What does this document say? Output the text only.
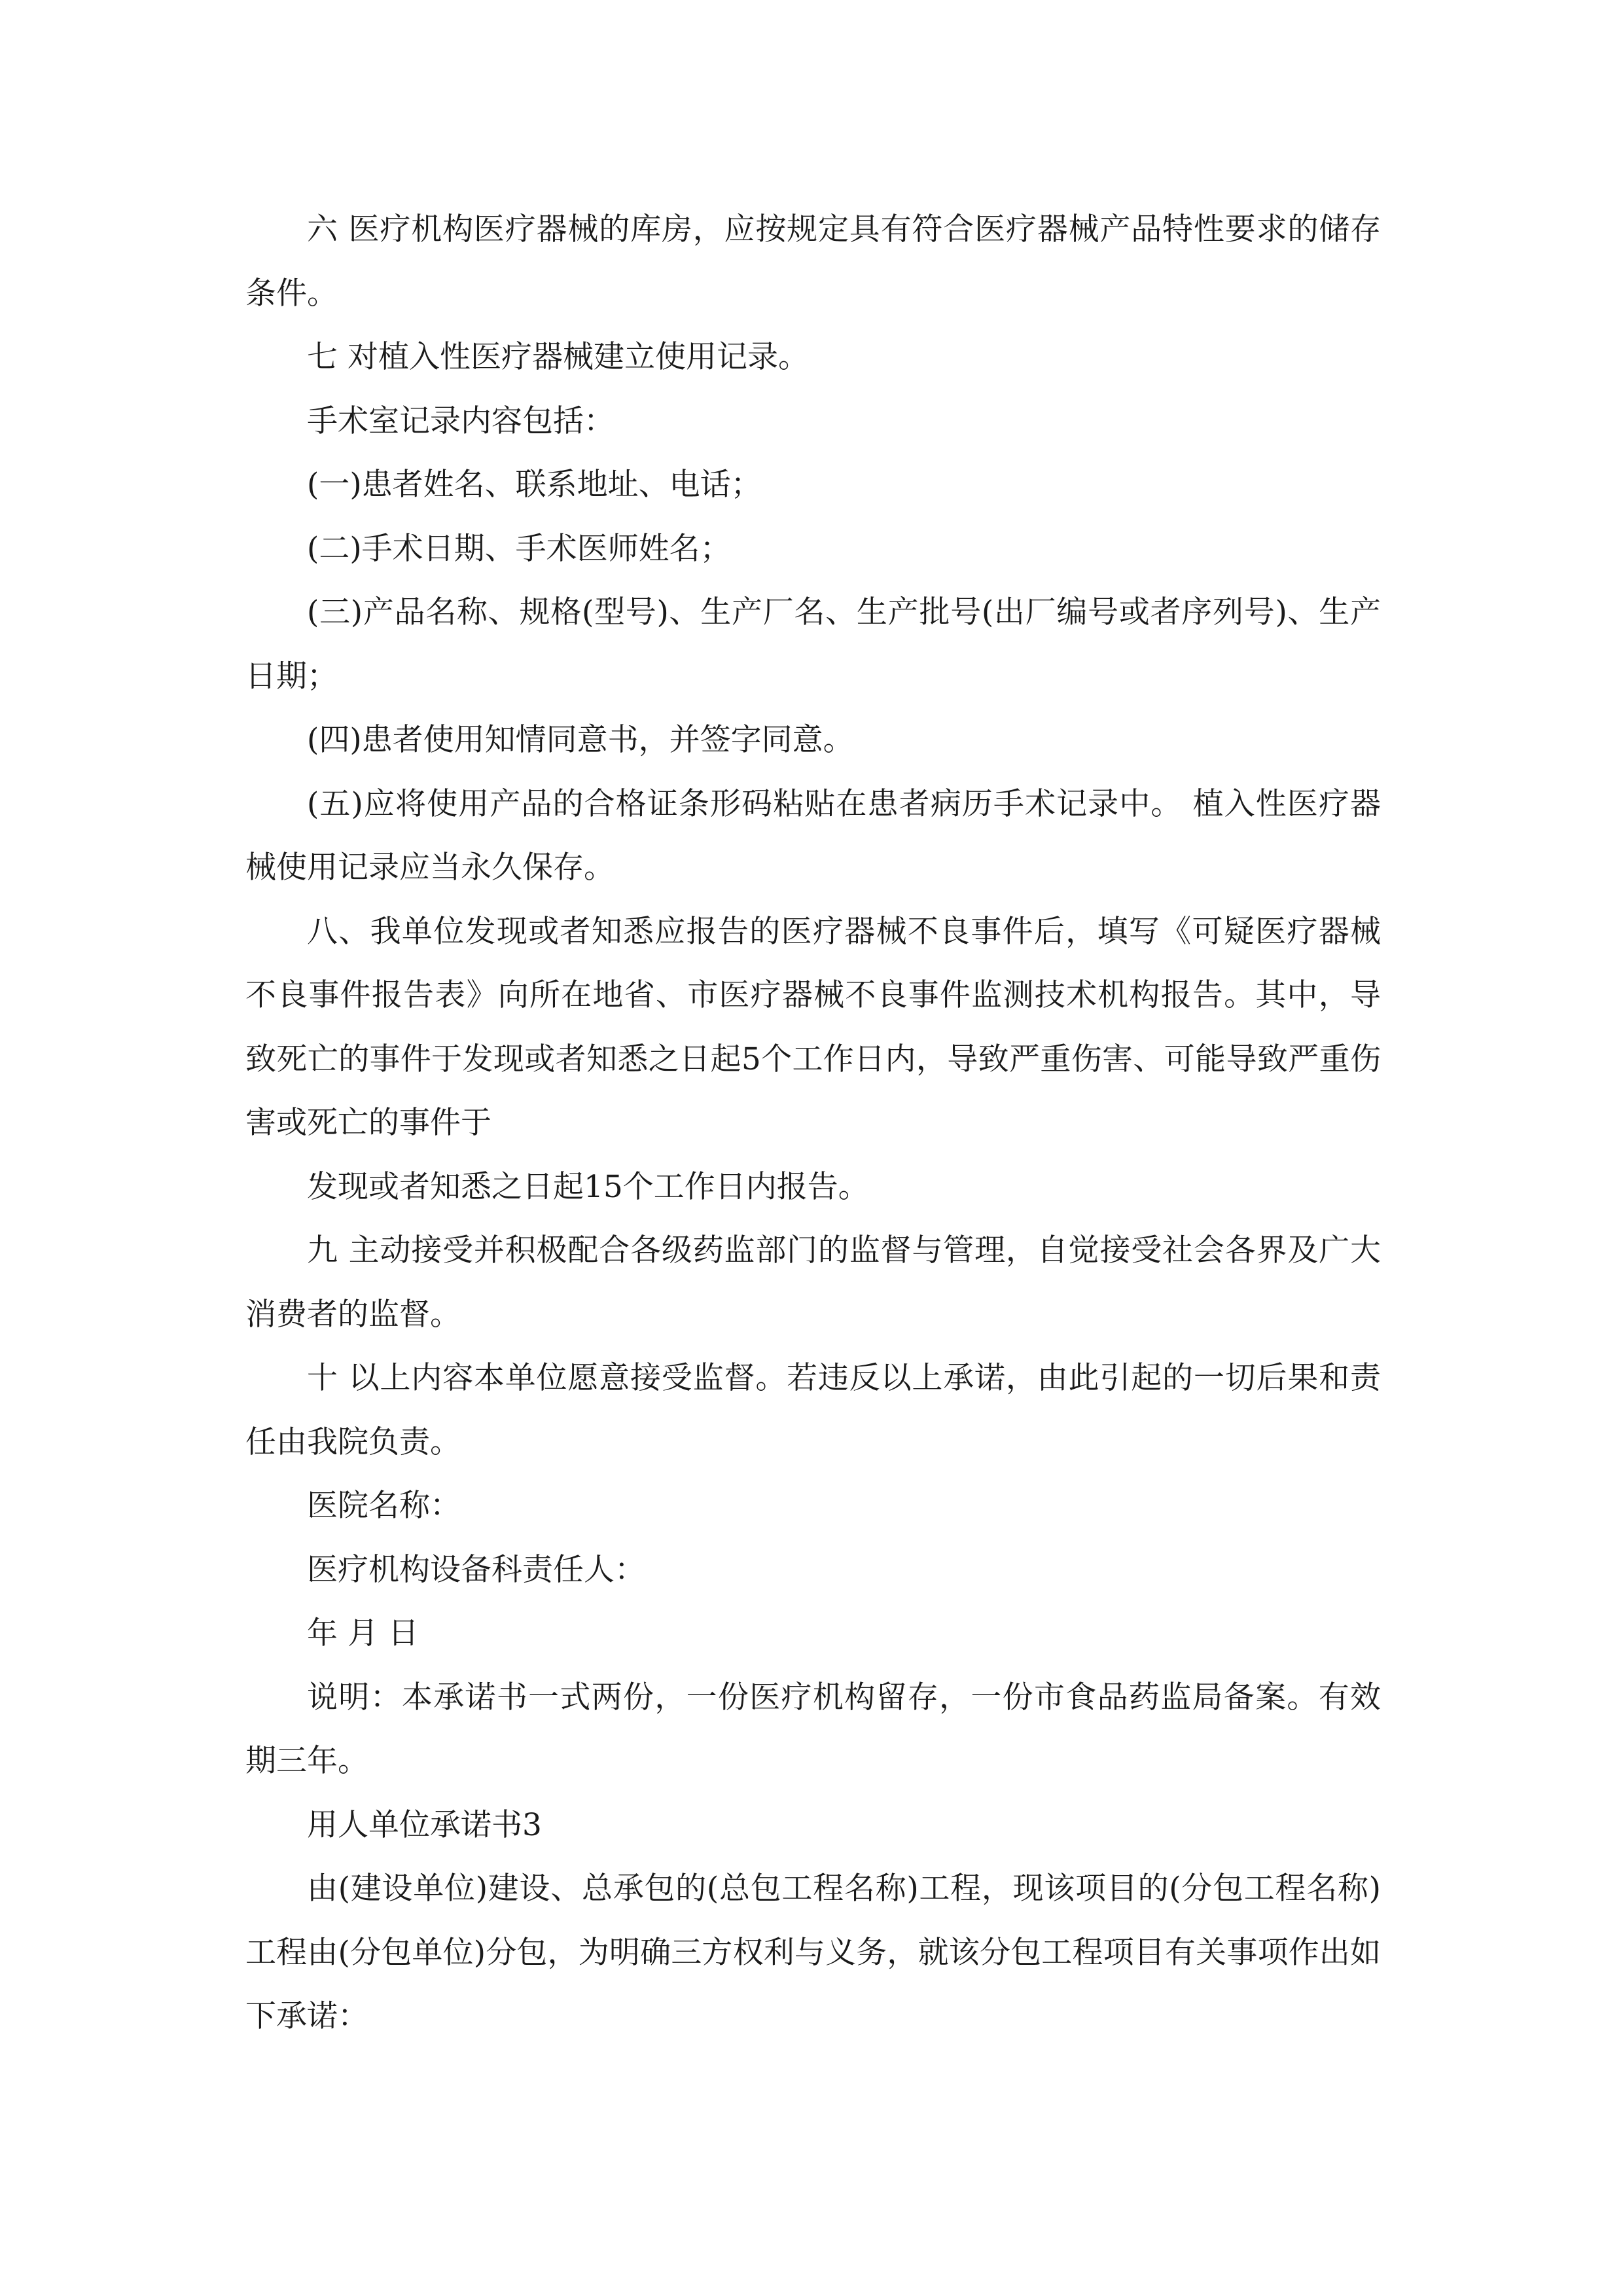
六 医疗机构医疗器械的库房，应按规定具有符合医疗器械产品特性要求的储存条件。

七 对植入性医疗器械建立使用记录。

手术室记录内容包括：

(一)患者姓名、联系地址、电话；

(二)手术日期、手术医师姓名；

(三)产品名称、规格(型号)、生产厂名、生产批号(出厂编号或者序列号)、生产日期；

(四)患者使用知情同意书，并签字同意。

(五)应将使用产品的合格证条形码粘贴在患者病历手术记录中。 植入性医疗器械使用记录应当永久保存。

八、我单位发现或者知悉应报告的医疗器械不良事件后，填写《可疑医疗器械不良事件报告表》向所在地省、市医疗器械不良事件监测技术机构报告。其中，导致死亡的事件于发现或者知悉之日起5个工作日内，导致严重伤害、可能导致严重伤害或死亡的事件于

发现或者知悉之日起15个工作日内报告。

九 主动接受并积极配合各级药监部门的监督与管理，自觉接受社会各界及广大消费者的监督。

十 以上内容本单位愿意接受监督。若违反以上承诺，由此引起的一切后果和责任由我院负责。

医院名称：

医疗机构设备科责任人：

年 月 日

说明：本承诺书一式两份，一份医疗机构留存，一份市食品药监局备案。有效期三年。

用人单位承诺书3

由(建设单位)建设、总承包的(总包工程名称)工程，现该项目的(分包工程名称)工程由(分包单位)分包，为明确三方权利与义务，就该分包工程项目有关事项作出如下承诺：
